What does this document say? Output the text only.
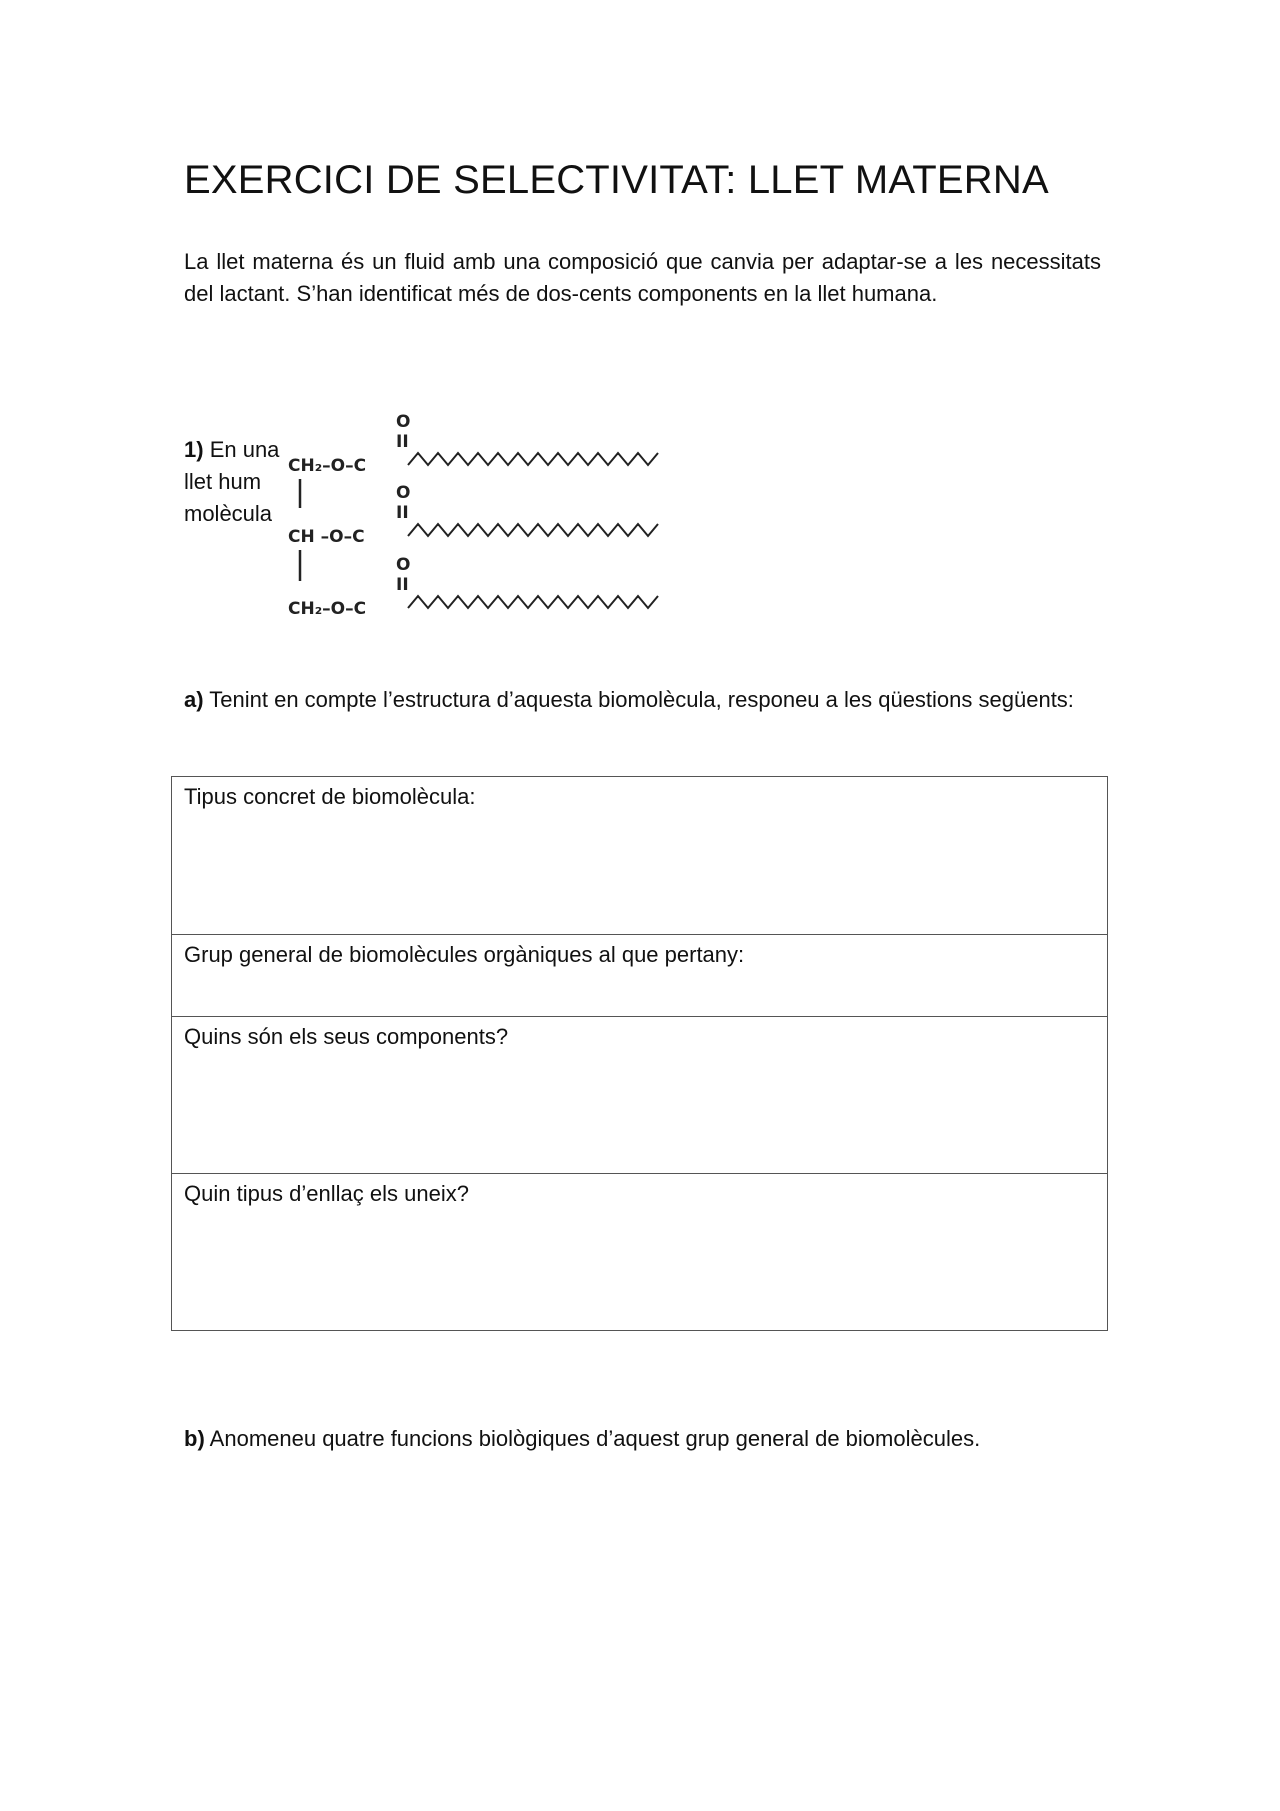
EXERCICI DE SELECTIVITAT: LLET MATERNA

La llet materna és un fluid amb una composició que canvia per adaptar-se a les necessitats del lactant. S’han identificat més de dos-cents components en la llet humana.

1) En una
llet hum
molècula

O
II
CH₂–O–C
O
II
CH –O–C
O
II
CH₂–O–C

a) Tenint en compte l’estructura d’aquesta biomolècula, responeu a les qüestions següents:

Tipus concret de biomolècula:
Grup general de biomolècules orgàniques al que pertany:
Quins són els seus components?
Quin tipus d’enllaç els uneix?

b) Anomeneu quatre funcions biològiques d’aquest grup general de biomolècules.
